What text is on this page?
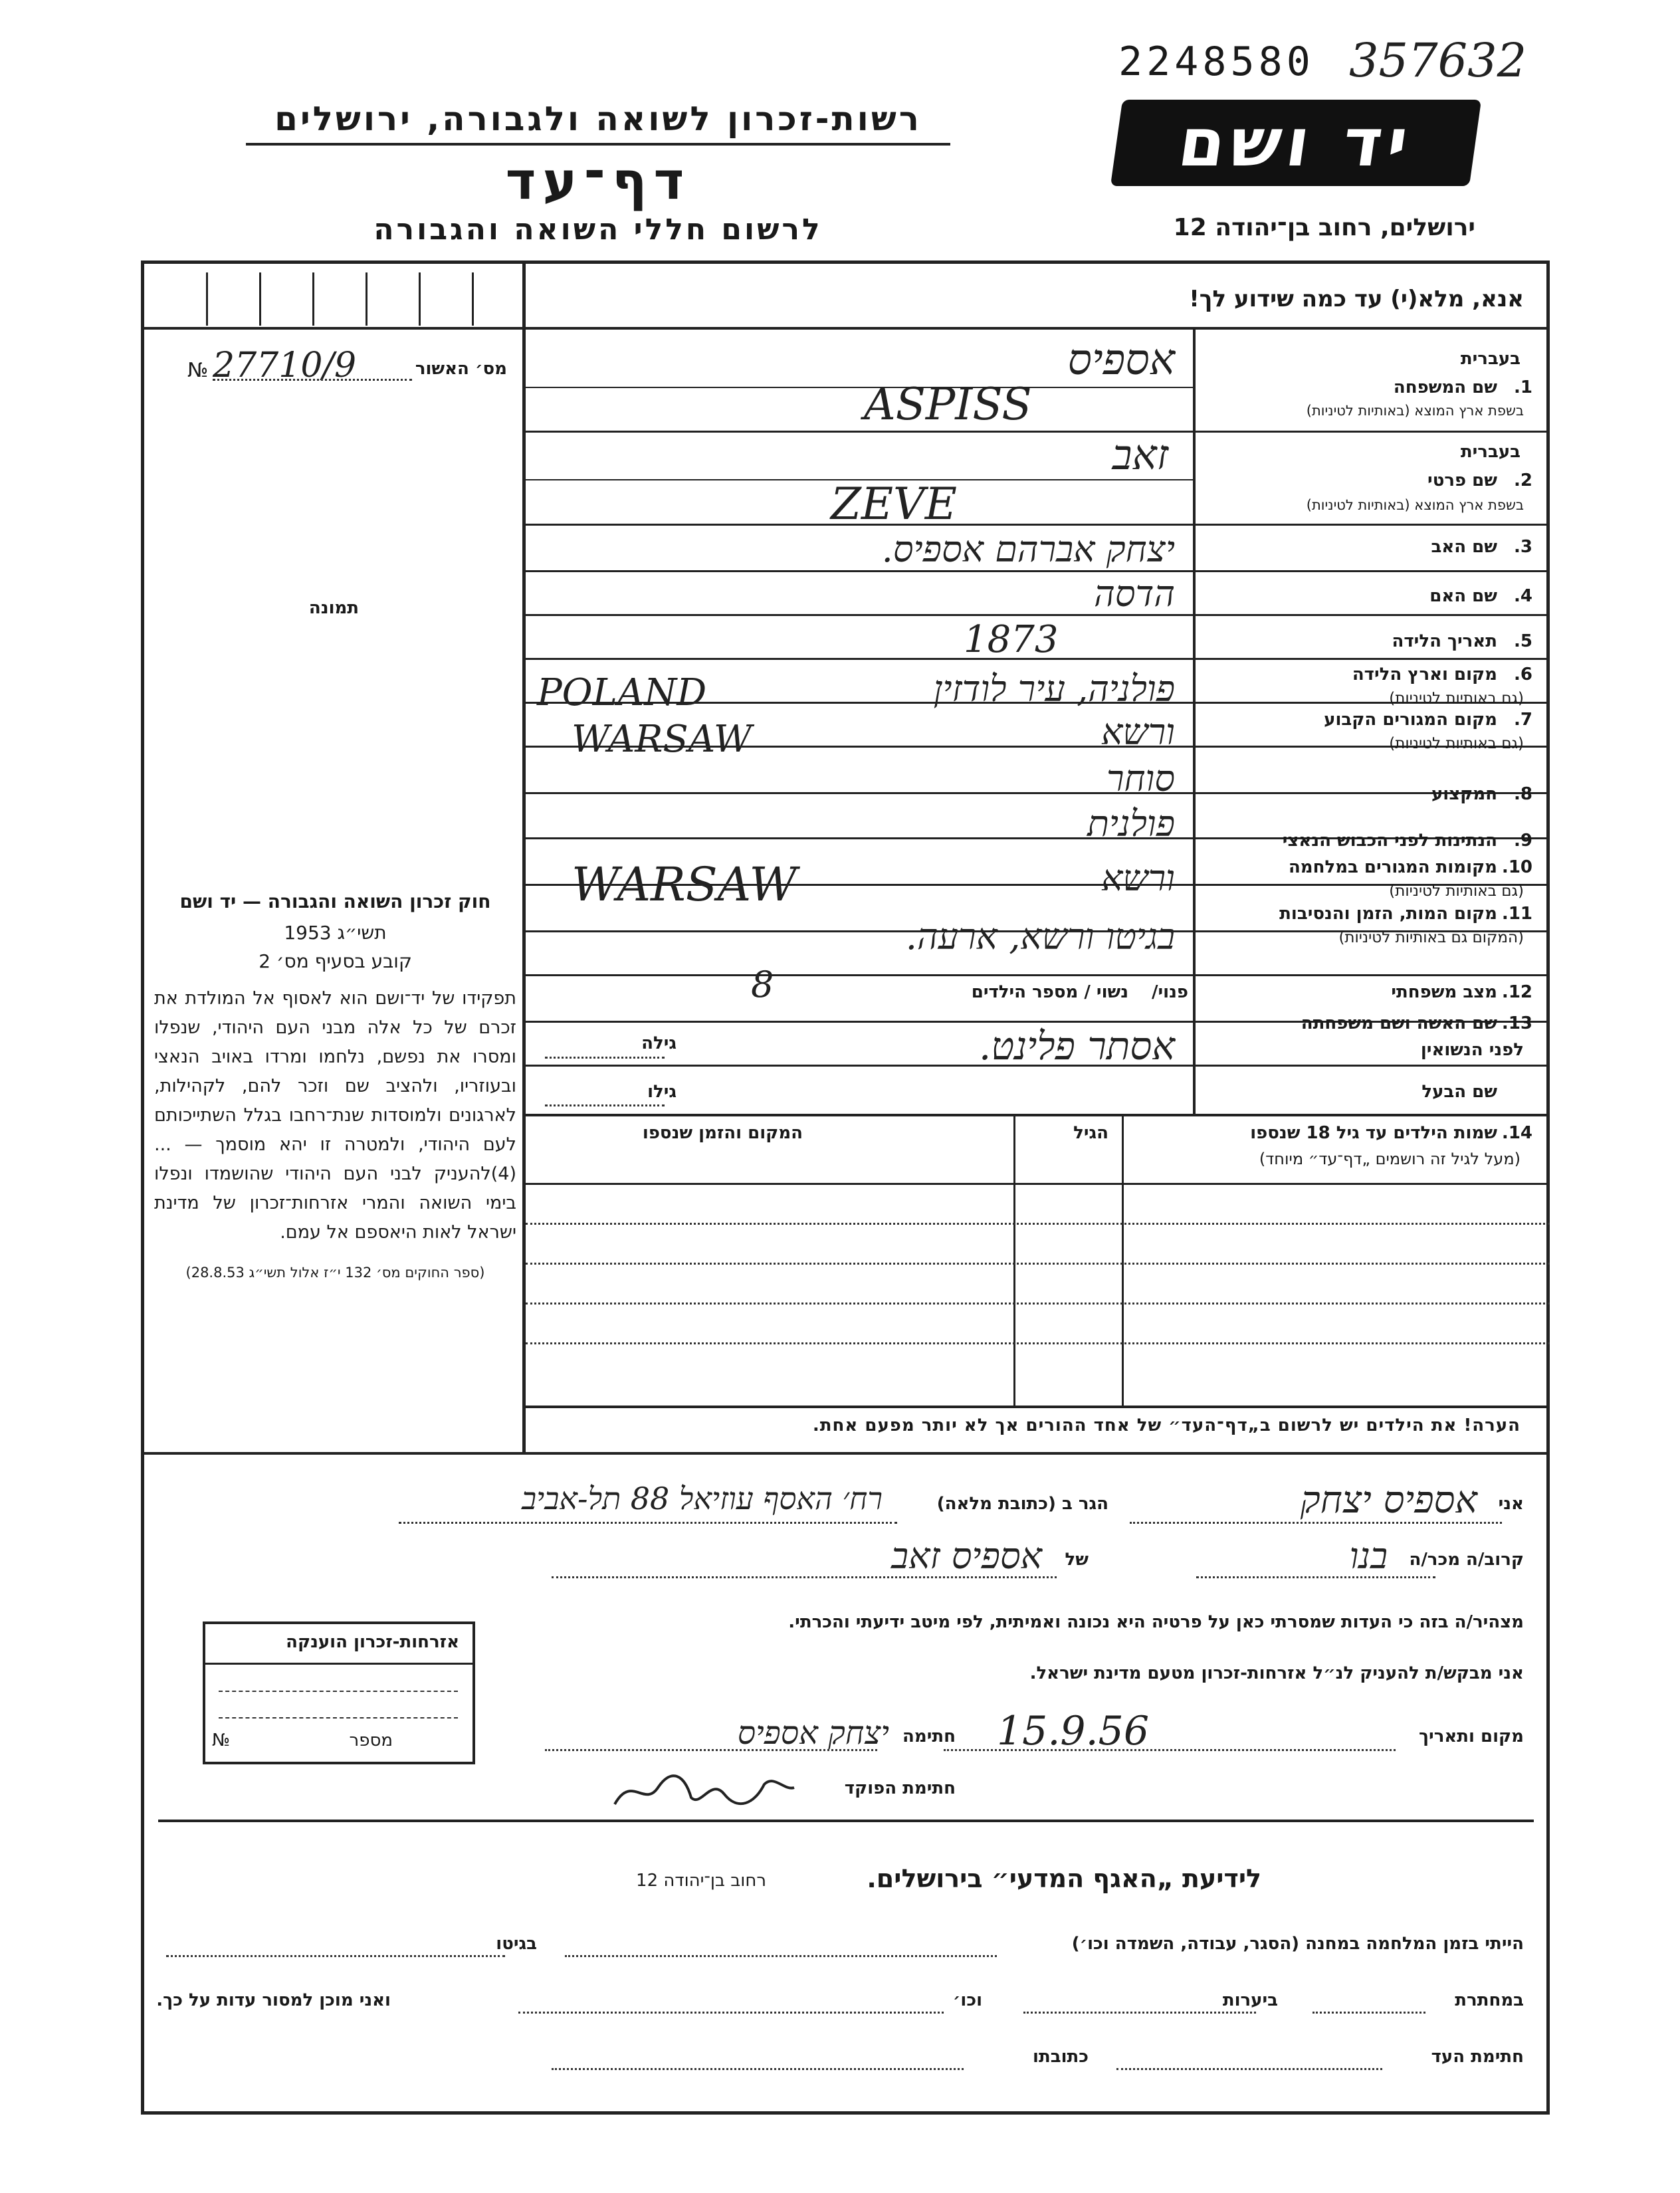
2248580 357632
רשות-זכרון לשואה ולגבורה, ירושלים
דף־עד
לרשום חללי השואה והגבורה
יד ושם
ירושלים, רחוב בן־יהודה 12
אנא, מלא(י) עד כמה שידוע לך!
№ 27710/9	מס׳ האשור
תמונה
בעברית
1.
שם המשפחה
בשפת ארץ המוצא (באותיות לטיניות)
אספיס
ASPISS
בעברית
2.
שם פרטי
בשפת ארץ המוצא (באותיות לטיניות)
זאב
ZEVE
3.
שם האב
יצחק אברהם אספיס.
4.
שם האם
הדסה
5.
תאריך הלידה
1873
6.
מקום וארץ הלידה
(גם באותיות לטיניות)
פולניה, עיר לודזין
POLAND
7.
מקום המגורים הקבוע
(גם באותיות לטיניות)
ורשא
WARSAW
8.
המקצוע
סוחר
9.
הנתינות לפני הכבוש הנאצי
פולנית
10.
מקומות המגורים במלחמה
(גם באותיות לטיניות)
ורשא
WARSAW
11.
מקום המות, הזמן והנסיבות
(המקום גם באותיות לטיניות)
בגיטו ורשא, ארעה.
12.
מצב משפחתי
פנוי/
נשוי / מספר הילדים
8
13.
שם האשה ושם משפחתה
לפני הנשואין
אסתר פלינט.
גילה
שם הבעל
גילו
חוק זכרון השואה והגבורה — יד ושם
תשי״ג 1953
קובע בסעיף מס׳ 2
תפקידו של יד־ושם הוא לאסוף אל המולדת את זכרם של כל אלה מבני העם היהודי, שנפלו ומסרו את נפשם, נלחמו ומרדו באויב הנאצי ובעוזריו, ולהציב שם וזכר להם, לקהילות, לארגונים ולמוסדות שנת־רחבו בגלל השתייכותם לעם היהודי, ולמטרה זו יהא מוסמך — ...(4)להעניק לבני העם היהודי שהושמדו ונפלו בימי השואה והמרי אזרחות־זכרון של מדינת ישראל לאות היאספם אל עמם.
(ספר החוקים מס׳ 132 י״ז אלול תשי״ג 28.8.53)
14.
שמות הילדים עד גיל 18 שנספו
(מעל לגיל זה רושמים „דף־עד״ מיוחד)
הגיל
המקום והזמן שנספו
הערה! את הילדים יש לרשום ב„דף־העד״ של אחד ההורים אך לא יותר מפעם אחת.
אני
אספיס יצחק
הגר ב (כתובת מלאה)
רח׳ האסף עוזיאל 88 תל-אביב
קרוב/ה מכר/ה
בנו
של
אספיס זאב
מצהיר/ה בזה כי העדות שמסרתי כאן על פרטיה היא נכונה ואמיתית, לפי מיטב ידיעתי והכרתי.
אני מבקש/ת להעניק לנ״ל אזרחות-זכרון מטעם מדינת ישראל.
מקום ותאריך
15.9.56
חתימה
יצחק אספיס
חתימת הפוקד
אזרחות-זכרון הוענקה
מספר
№
לידיעת „האגף המדעי״ בירושלים.
רחוב בן־יהודה 12
הייתי בזמן המלחמה במחנה (הסגר, עבודה, השמדה וכו׳)
בגיטו
במחתרת
ביערות
וכו׳
ואני מוכן למסור עדות על כך.
חתימת העד
כתובתו
